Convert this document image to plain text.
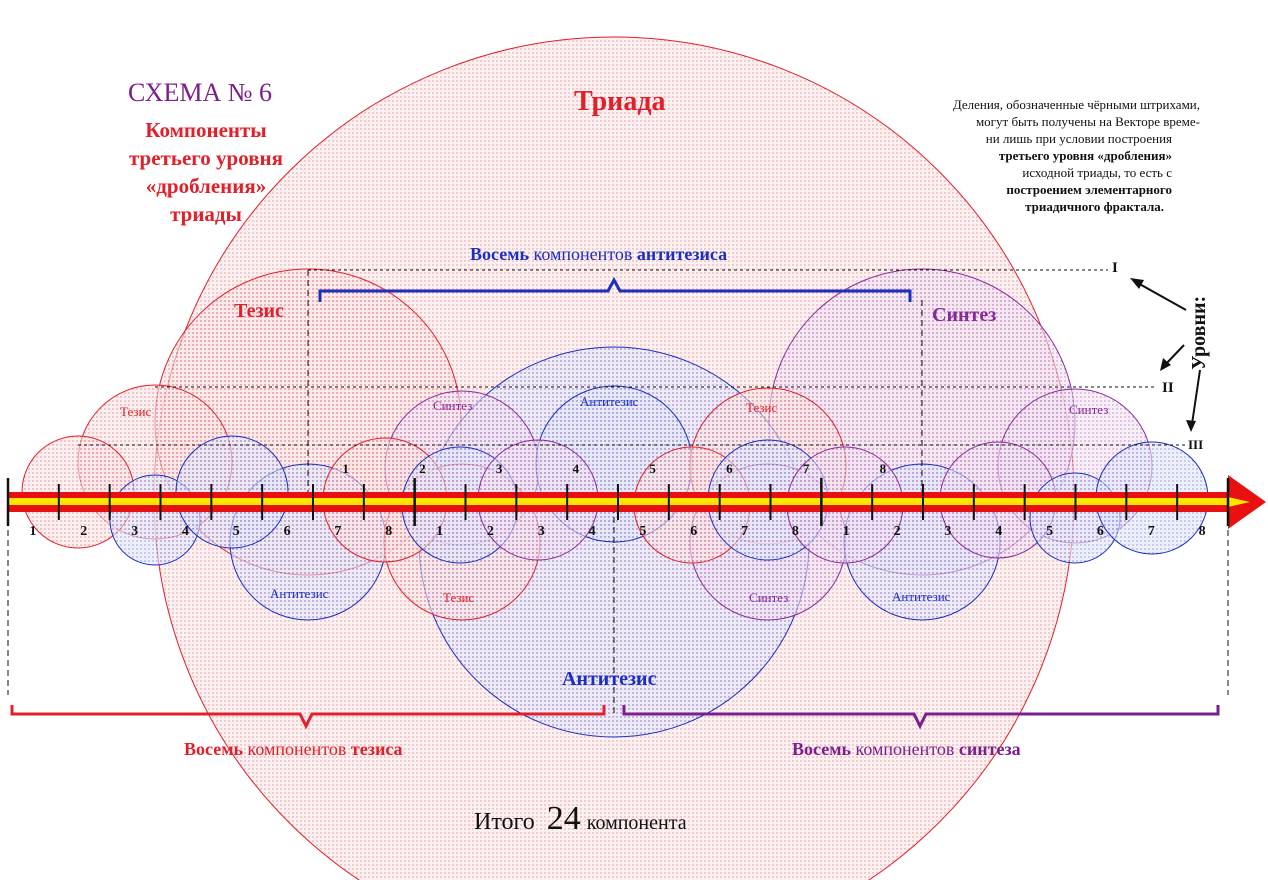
СХЕМА № 6
Компоненты
третьего уровня
«дробления»
триады
Триада	Деления, обозначенные чёрными штрихами,
могут быть получены на Векторе време-
ни лишь при условии построения
третьего уровня «дробления»
исходной триады, то есть с
построением элементарного
триадичного фрактала.
Восемь компонентов антитезиса
Тезис	Синтез
Антитезис
Тезис	Синтез	Антитезис	Тезис	Синтез
Антитезис	Тезис	Синтез	Антитезис
I
II
III
Уровни:
1	2	3	4	5	6	7	8	1	2	3	4	5	6	7	8	1	2	3	4	5	6	7	8
1	2	3	4	5	6	7	8
Восемь компонентов тезиса	Восемь компонентов синтеза
Итого 24 компонента
